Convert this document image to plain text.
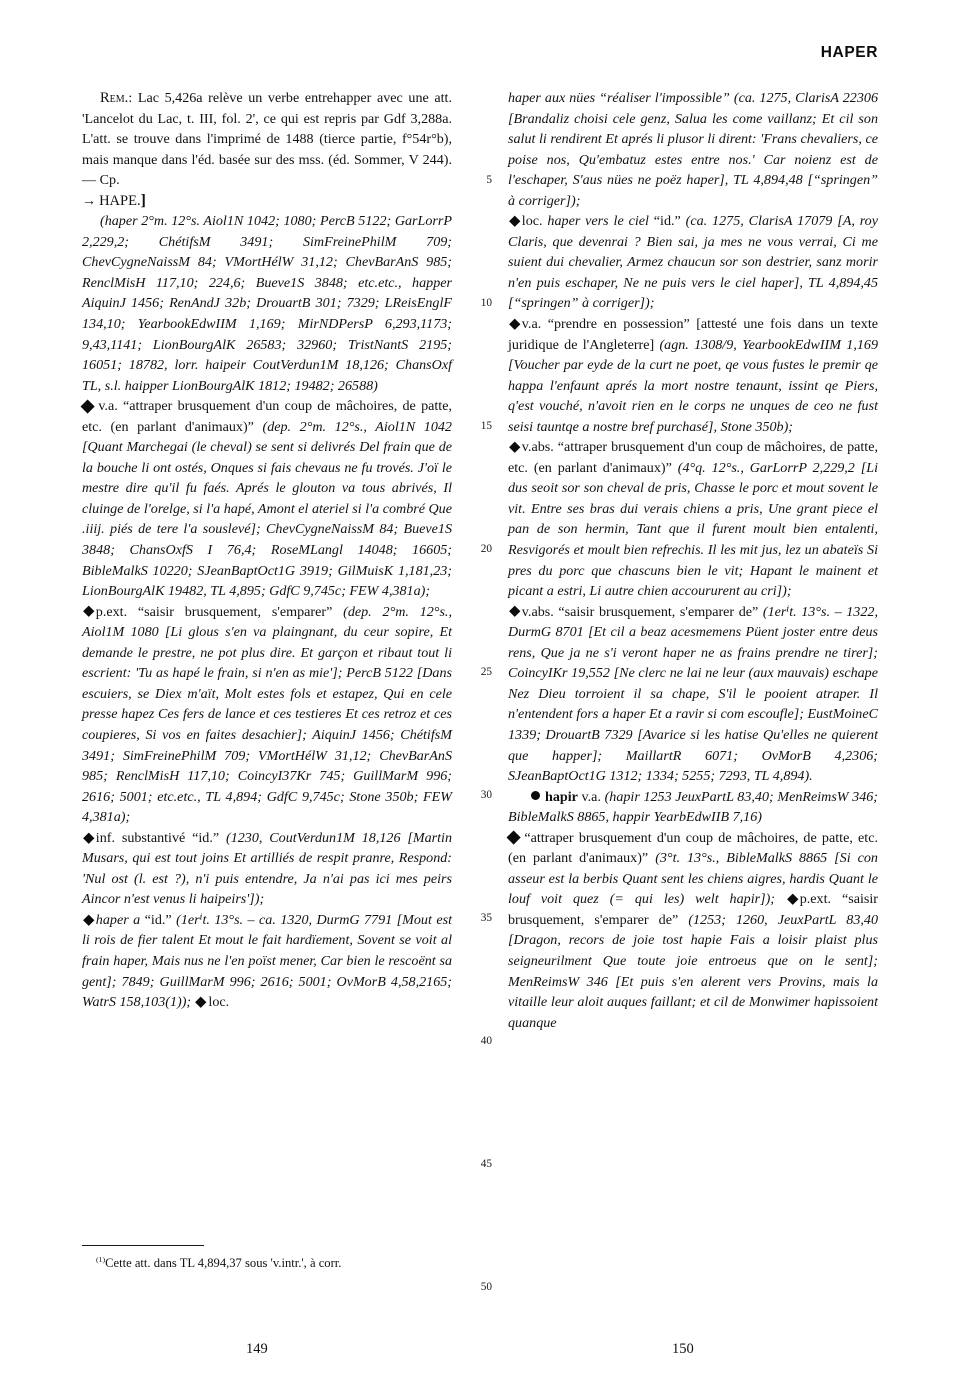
HAPER
5
10
15
20
25
30
35
40
45
50

Rem.: Lac 5,426a relève un verbe entrehapper avec une att. 'Lancelot du Lac, t. III, fol. 2', ce qui est repris par Gdf 3,288a. L'att. se trouve dans l'imprimé de 1488 (tierce partie, f°54r°b), mais manque dans l'éd. basée sur des mss. (éd. Sommer, V 244). — Cp.
→ HAPE.]

(haper 2°m. 12°s. Aiol1N 1042; 1080; PercB 5122; GarLorrP 2,229,2; ChétifsM 3491; SimFreinePhilM 709; ChevCygneNaissM 84; VMortHélW 31,12; ChevBarAnS 985; RenclMisH 117,10; 224,6; Bueve1S 3848; etc.etc., happer AiquinJ 1456; RenAndJ 32b; DrouartB 301; 7329; LReisEnglF 134,10; YearbookEdwIIM 1,169; MirNDPersP 6,293,1173; 9,43,1141; LionBourgAlK 26583; 32960; TristNantS 2195; 16051; 18782, lorr. haipeir CoutVerdun1M 18,126; ChansOxf TL, s.l. haipper LionBourgAlK 1812; 19482; 26588)

v.a. “attraper brusquement d'un coup de mâchoires, de patte, etc. (en parlant d'animaux)” (dep. 2°m. 12°s., Aiol1N 1042 [Quant Marchegai (le cheval) se sent si delivrés Del frain que de la bouche li ont ostés, Onques si fais chevaus ne fu trovés. J'oï le mestre dire qu'il fu faés. Aprés le glouton va tous abrivés, Il cluinge de l'orelge, si l'a hapé, Amont el ateriel si l'a combré Que .iiij. piés de tere l'a souslevé]; ChevCygneNaissM 84; Bueve1S 3848; ChansOxfS I 76,4; RoseMLangl 14048; 16605; BibleMalkS 10220; SJeanBaptOct1G 3919; GilMuisK 1,181,23; LionBourgAlK 19482, TL 4,895; GdfC 9,745c; FEW 4,381a);

p.ext. “saisir brusquement, s'emparer” (dep. 2°m. 12°s., Aiol1M 1080 [Li glous s'en va plaingnant, du ceur sopire, Et demande le prestre, ne pot plus dire. Et garçon et ribaut tout li escrient: 'Tu as hapé le frain, si n'en as mie']; PercB 5122 [Dans escuiers, se Diex m'aït, Molt estes fols et estapez, Qui en cele presse hapez Ces fers de lance et ces testieres Et ces retroz et ces coupieres, Si vos en faites desachier]; AiquinJ 1456; ChétifsM 3491; SimFreinePhilM 709; VMortHélW 31,12; ChevBarAnS 985; RenclMisH 117,10; CoincyI37Kr 745; GuillMarM 996; 2616; 5001; etc.etc., TL 4,894; GdfC 9,745c; Stone 350b; FEW 4,381a);

inf. substantivé “id.” (1230, CoutVerdun1M 18,126 [Martin Musars, qui est tout joins Et artilliés de respit pranre, Respond: 'Nul ost (l. est ?), n'i puis entendre, Ja n'ai pas ici mes peirs Aincor n'est venus li haipeirs']);

haper a “id.” (1erⁱt. 13°s. – ca. 1320, DurmG 7791 [Mout est li rois de fier talent Et mout le fait hardïement, Sovent se voit al frain haper, Mais nus ne l'en poïst mener, Car bien le rescoënt sa gent]; 7849; GuillMarM 996; 2616; 5001; OvMorB 4,58,2165; WatrS 158,103(1)); loc.

haper aux nües “réaliser l'impossible” (ca. 1275, ClarisA 22306 [Brandaliz choisi cele genz, Salua les come vaillanz; Et cil son salut li rendirent Et aprés li plusor li dirent: 'Frans chevaliers, ce poise nos, Qu'embatuz estes entre nos.' Car noienz est de l'eschaper, S'aus nües ne poëz haper], TL 4,894,48 [“springen” à corriger]);

loc. haper vers le ciel “id.” (ca. 1275, ClarisA 17079 [A, roy Claris, que devenrai ? Bien sai, ja mes ne vous verrai, Ci me suient dui chevalier, Armez chaucun sor son destrier, sanz morir n'en puis eschaper, Ne ne puis vers le ciel haper], TL 4,894,45 [“springen” à corriger]);

v.a. “prendre en possession” [attesté une fois dans un texte juridique de l'Angleterre] (agn. 1308/9, YearbookEdwIIM 1,169 [Voucher par eyde de la curt ne poet, qe vous fustes le premir qe happa l'enfaunt aprés la mort nostre tenaunt, issint qe Piers, q'est vouché, n'avoit rien en le corps ne unques de ceo ne fust seisi tauntqe a nostre bref purchasé], Stone 350b);

v.abs. “attraper brusquement d'un coup de mâchoires, de patte, etc. (en parlant d'animaux)” (4°q. 12°s., GarLorrP 2,229,2 [Li dus seoit sor son cheval de pris, Chasse le porc et mout sovent le vit. Entre ses bras dui verais chiens a pris, Une grant piece el pan de son hermin, Tant que il furent moult bien entalenti, Resvigorés et moult bien refrechis. Il les mit jus, lez un abateïs Si pres du porc que chascuns bien le vit; Hapant le mainent et picant a estri, Li autre chien accoururent au cri]);

v.abs. “saisir brusquement, s'emparer de” (1erⁱt. 13°s. – 1322, DurmG 8701 [Et cil a beaz acesmemens Püent joster entre deus rens, Que ja ne s'i veront haper ne as frains prendre ne tirer]; CoincyIKr 19,552 [Ne clerc ne lai ne leur (aux mauvais) eschape Nez Dieu torroient il sa chape, S'il le pooient atraper. Il n'entendent fors a haper Et a ravir si com escoufle]; EustMoineC 1339; DrouartB 7329 [Avarice si les hatise Qu'elles ne quierent que happer]; MaillartR 6071; OvMorB 4,2306; SJeanBaptOct1G 1312; 1334; 5255; 7293, TL 4,894).

hapir v.a. (hapir 1253 JeuxPartL 83,40; MenReimsW 346; BibleMalkS 8865, happir YearbEdwIIB 7,16)

“attraper brusquement d'un coup de mâchoires, de patte, etc. (en parlant d'animaux)” (3°t. 13°s., BibleMalkS 8865 [Si con asseur est la berbis Quant sent les chiens aigres, hardis Quant le louf voit quez (= qui les) welt hapir]); p.ext. “saisir brusquement, s'emparer de” (1253; 1260, JeuxPartL 83,40 [Dragon, recors de joie tost hapie Fais a loisir plaist plus seigneurilment Que toute joie entroeus que on le sent]; MenReimsW 346 [Et puis s'en alerent vers Provins, mais la vitaille leur aloit auques faillant; et cil de Monwimer hapissoient quanque

$^{(1)}$Cette att. dans TL 4,894,37 sous 'v.intr.', à corr.
149	150
